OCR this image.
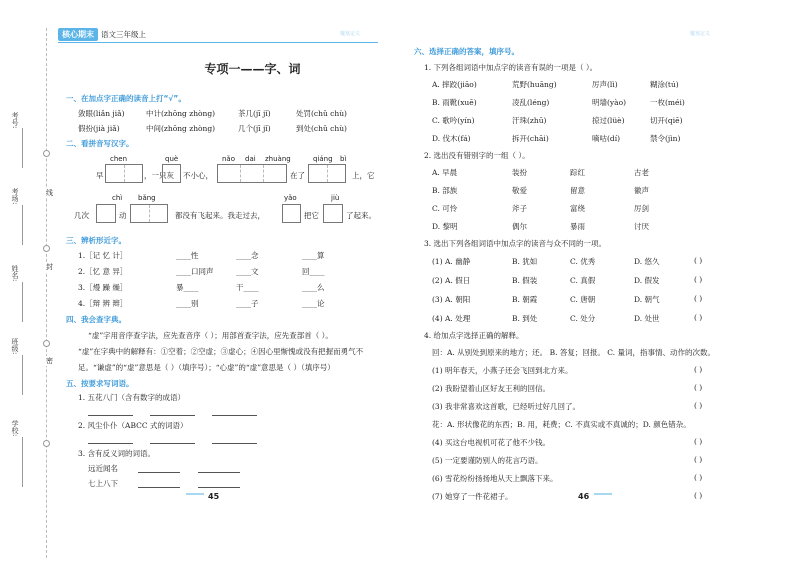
考号:
考场:
姓名:
班级:
学校:
线
封
密
核心期末 语文三年级上	魔塞定义	魔塞定义
专项一——字、词
一、在加点字正确的读音上打“√”。
敛眼(liǎn jiǎ)	中计(zhōng zhòng)	茶几(jī jǐ)	处罚(chǔ chù)
假扮(jià jiǎ)	中间(zhōng zhòng)	几个(jī jǐ)	到处(chǔ chù)
二、看拼音写汉字。
chen	què	nǎo dai zhuàng	qiáng bì
早	，一只灰 不小心，	在了	上，它
chì bǎng	yǎo	jiù
几次	动	都没有飞起来。我走过去，	把它	了起来。
三、辨析形近字。
1.［记 忆 计］	____性	____念	____算
2.［忆 意 异］	____口同声	____文	回____
3.［熳 躁 燥］	暴____	干____	____么
4.［辩 辨 辫］	____别	____子	____论
四、我会查字典。
“虚”字用音序查字法，应先查音序（ ）；用部首查字法，应先查部首（ ）。
“虚”在字典中的解释有：①空着；②空虚；③虚心；④因心里惭愧或没有把握而勇气不
足。“谦虚”的“虚”意思是（ ）（填序号）；“心虚”的“虚”意思是（ ）（填序号）
五、按要求写词语。
1. 五花八门（含有数字的成语）
2. 风尘仆仆（ABCC 式的词语）
3. 含有反义词的词语。
远近闻名
七上八下
45
六、选择正确的答案，填序号。
1. 下列各组词语中加点字的读音有误的一项是（ ）。
A. 摔跤(jiāo)	荒野(huāng)	厉声(lì)	糊涂(tú)
B. 雨靴(xuē)	凌乱(léng)	明墙(yào)	一枚(méi)
C. 歌吟(yín)	汗珠(zhū)	掠过(lüè)	切开(qiē)
D. 伐木(fá)	拆开(chāi)	嘀咕(dí)	禁令(jìn)
2. 选出没有错别字的一组（ ）。
A. 早晨	装扮	踪红	古老
B. 部族	敬爱	留意	徽声
C. 可怜	斧子	富绕	厉剑
D. 黎明	偶尔	暴雨	讨厌
3. 选出下列各组词语中加点字的读音与众不同的一项。
(1) A. 幽静	B. 犹如	C. 优秀	D. 悠久	( )
(2) A. 假日	B. 假装	C. 真假	D. 假发	( )
(3) A. 朝阳	B. 朝霞	C. 唐朝	D. 朝气	( )
(4) A. 处理	B. 到处	C. 处分	D. 处世	( )
4. 给加点字选择正确的解释。
回：A. 从别处到原来的地方；还。 B. 答复；回报。 C. 量词，指事情、动作的次数。
(1) 明年春天，小燕子还会飞回到北方来。	( )
(2) 我盼望着山区好友王利的回信。	( )
(3) 我非常喜欢这首歌，已经听过好几回了。	( )
花：A. 形状像花的东西；B. 用，耗费；C. 不真实或不真诚的；D. 颜色错杂。
(4) 买这台电视机可花了他不少钱。	( )
(5) 一定要谨防别人的花言巧语。	( )
(6) 雪花纷纷扬扬地从天上飘落下来。	( )
(7) 她穿了一件花裙子。	( )
46
